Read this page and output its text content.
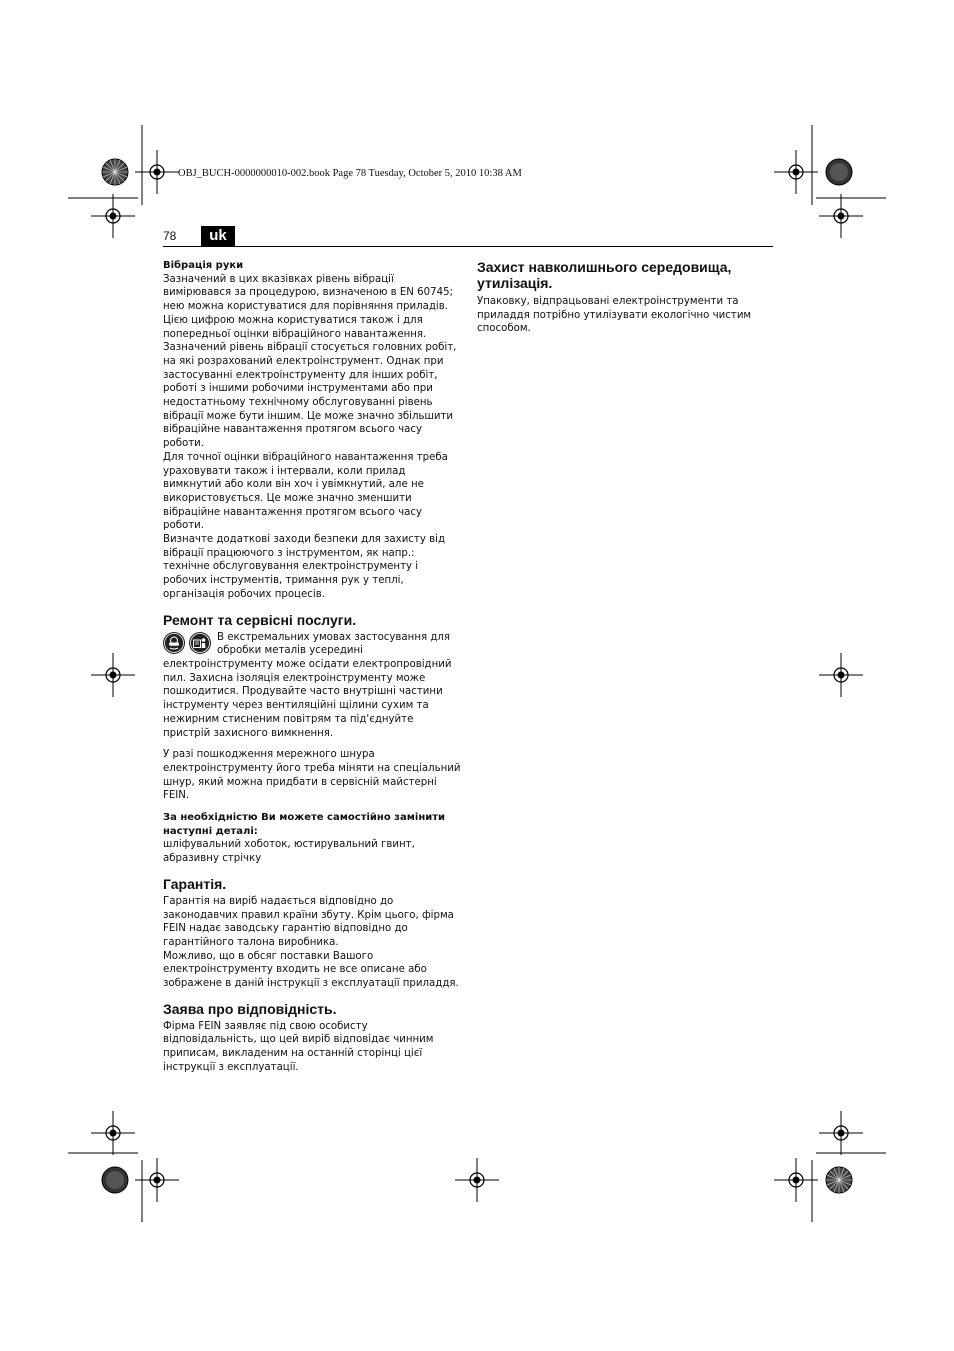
OBJ_BUCH-0000000010-002.book Page 78 Tuesday, October 5, 2010 10:38 AM
78	uk

Вібрація руки

Зазначений в цих вказівках рівень вібрації вимірювався за процедурою, визначеною в EN 60745; нею можна користуватися для порівняння приладів. Цією цифрою можна користуватися також і для попередньої оцінки вібраційного навантаження.

Зазначений рівень вібрації стосується головних робіт, на які розрахований електроінструмент. Однак при застосуванні електроінструменту для інших робіт, роботі з іншими робочими інструментами або при недостатньому технічному обслуговуванні рівень вібрації може бути іншим. Це може значно збільшити вібраційне навантаження протягом всього часу роботи.

Для точної оцінки вібраційного навантаження треба ураховувати також і інтервали, коли прилад вимкнутий або коли він хоч і увімкнутий, але не використовується. Це може значно зменшити вібраційне навантаження протягом всього часу роботи.

Визначте додаткові заходи безпеки для захисту від вібрації працюючого з інструментом, як напр.: технічне обслуговування електроінструменту і робочих інструментів, тримання рук у теплі, організація робочих процесів.

Ремонт та сервісні послуги.

В екстремальних умовах застосування для обробки металів усередині електроінструменту може осідати електропровідний пил. Захисна ізоляція електроінструменту може пошкодитися. Продувайте часто внутрішні частини інструменту через вентиляційні щілини сухим та нежирним стисненим повітрям та під'єднуйте пристрій захисного вимкнення.

У разі пошкодження мережного шнура електроінструменту його треба міняти на спеціальний шнур, який можна придбати в сервісній майстерні FEIN.

За необхідністю Ви можете самостійно замінити наступні деталі:

шліфувальний хоботок, юстирувальний гвинт, абразивну стрічку

Гарантія.

Гарантія на виріб надається відповідно до законодавчих правил країни збуту. Крім цього, фірма FEIN надає заводську гарантію відповідно до гарантійного талона виробника.

Можливо, що в обсяг поставки Вашого електроінструменту входить не все описане або зображене в даній інструкції з експлуатації приладдя.

Заява про відповідність.

Фірма FEIN заявляє під свою особисту відповідальність, що цей виріб відповідає чинним приписам, викладеним на останній сторінці цієї інструкції з експлуатації.

Захист навколишнього середовища, утилізація.

Упаковку, відпрацьовані електроінструменти та приладдя потрібно утилізувати екологічно чистим способом.
